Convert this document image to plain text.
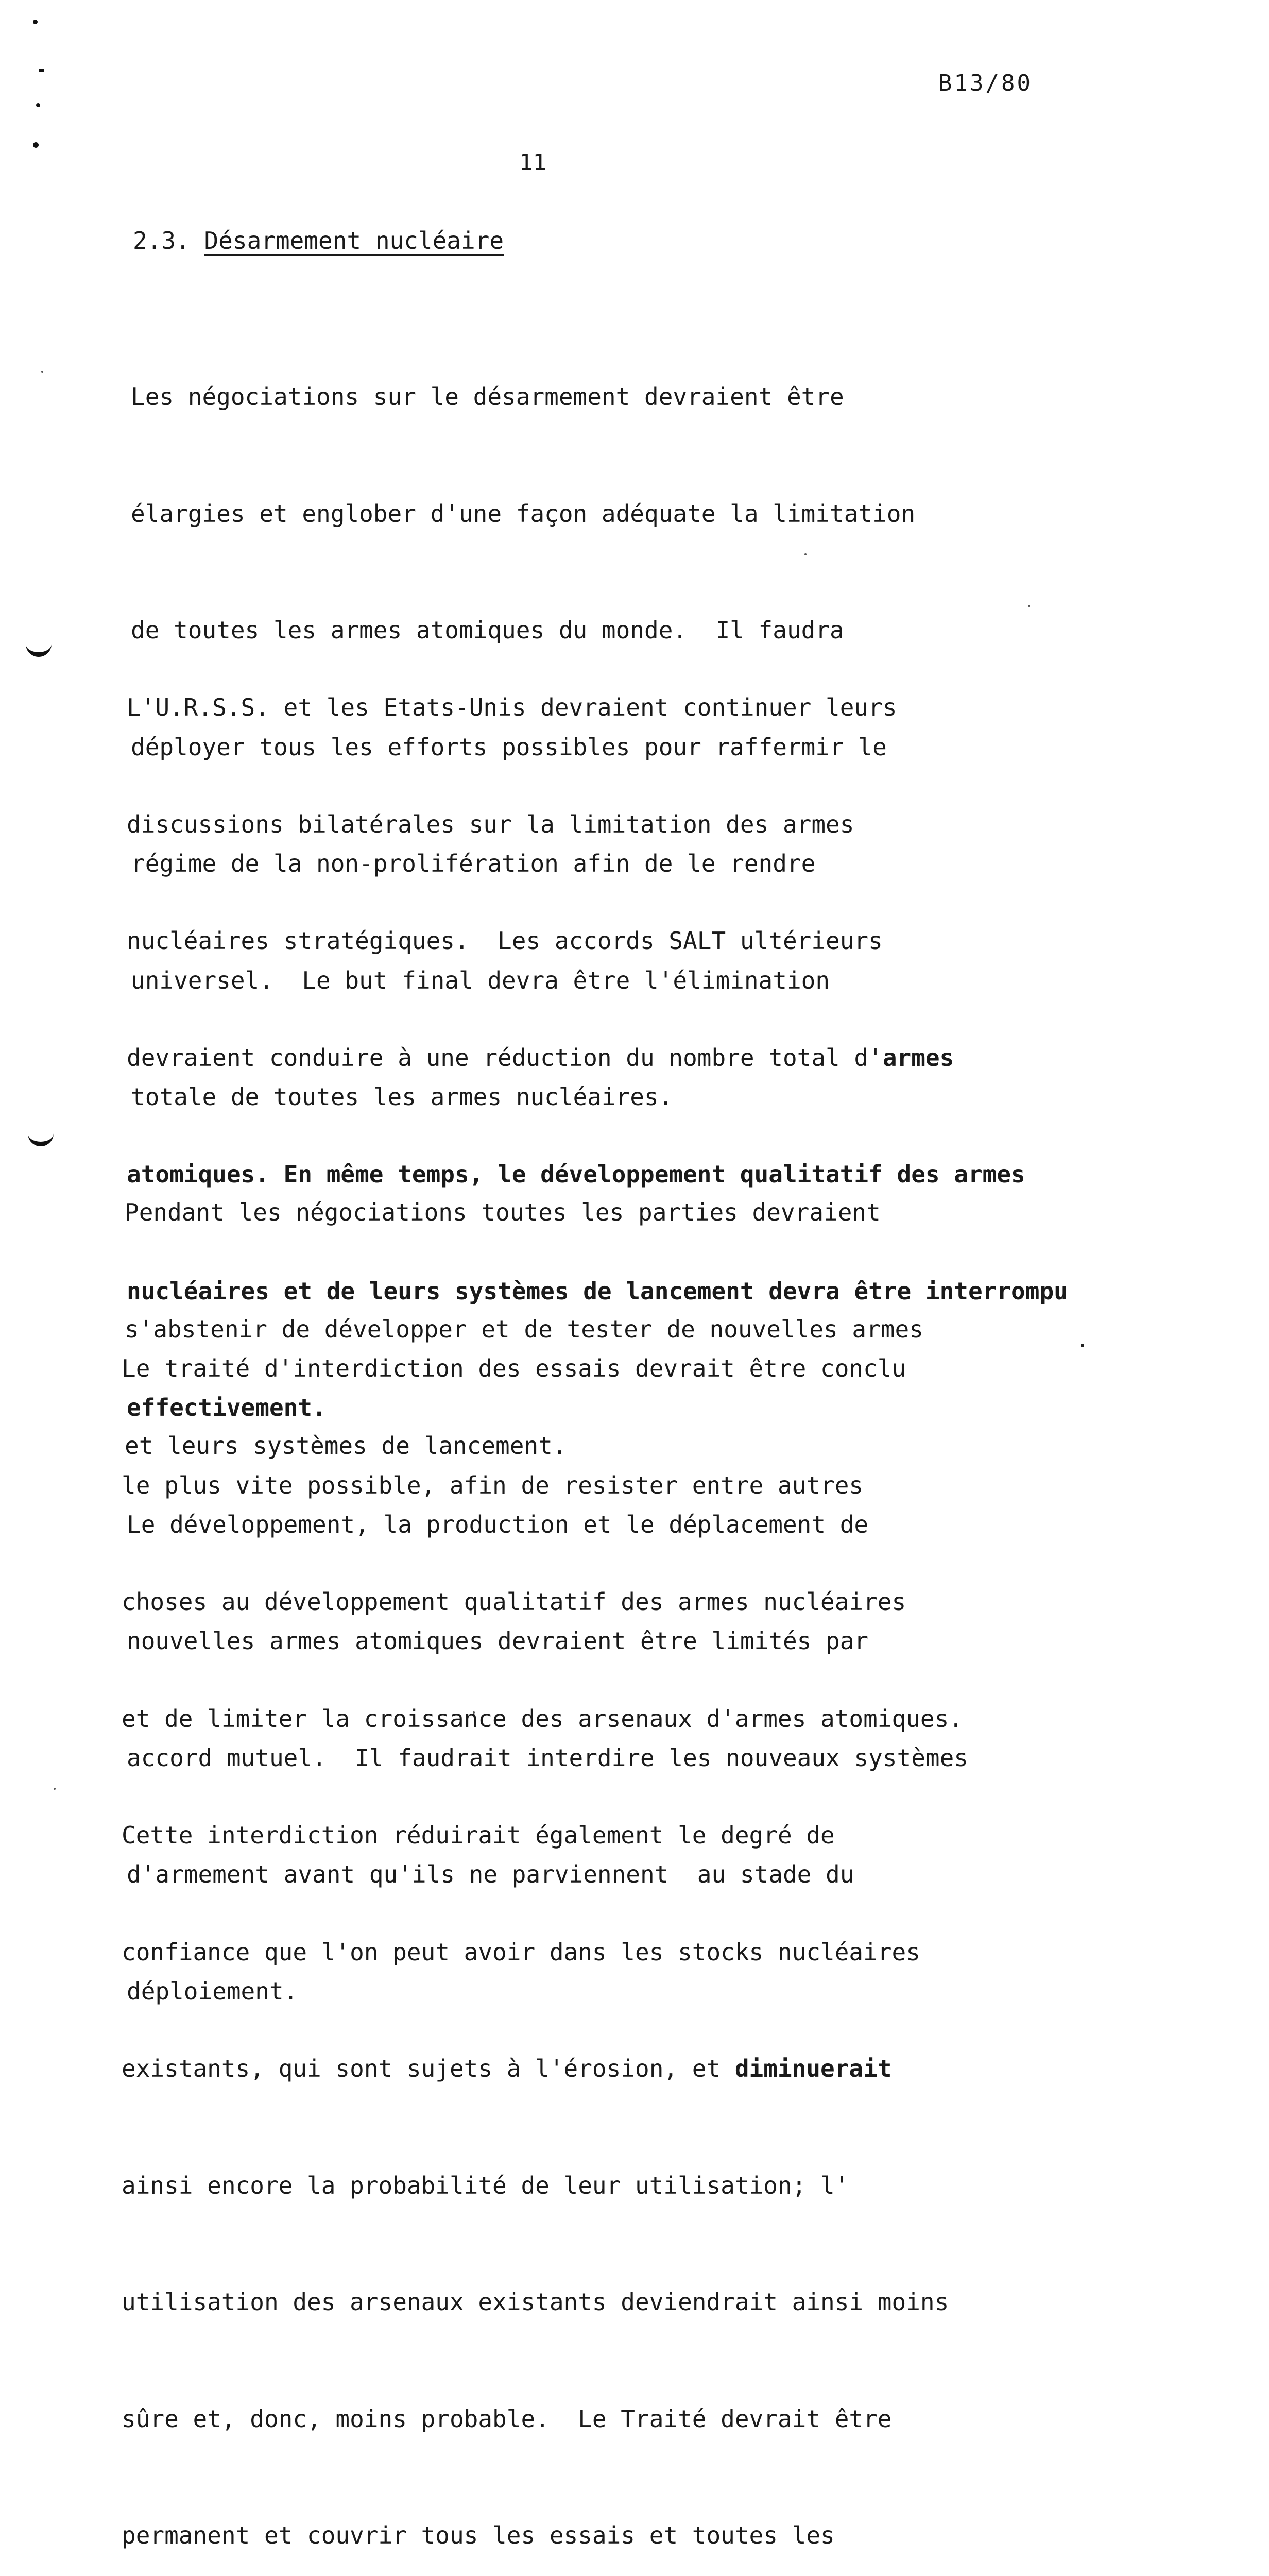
B13/80
11
2.3. Désarmement nucléaire

Les négociations sur le désarmement devraient être

élargies et englober d'une façon adéquate la limitation

de toutes les armes atomiques du monde.  Il faudra

déployer tous les efforts possibles pour raffermir le

régime de la non-prolifération afin de le rendre

universel.  Le but final devra être l'élimination

totale de toutes les armes nucléaires.

L'U.R.S.S. et les Etats-Unis devraient continuer leurs

discussions bilatérales sur la limitation des armes

nucléaires stratégiques.  Les accords SALT ultérieurs

devraient conduire à une réduction du nombre total d'armes

atomiques. En même temps, le développement qualitatif des armes

nucléaires et de leurs systèmes de lancement devra être interrompu

effectivement.

Le développement, la production et le déplacement de

nouvelles armes atomiques devraient être limités par

accord mutuel.  Il faudrait interdire les nouveaux systèmes

d'armement avant qu'ils ne parviennent  au stade du

déploiement.

Pendant les négociations toutes les parties devraient

s'abstenir de développer et de tester de nouvelles armes

et leurs systèmes de lancement.

Le traité d'interdiction des essais devrait être conclu

le plus vite possible, afin de resister entre autres

choses au développement qualitatif des armes nucléaires

et de limiter la croissance des arsenaux d'armes atomiques.

Cette interdiction réduirait également le degré de

confiance que l'on peut avoir dans les stocks nucléaires

existants, qui sont sujets à l'érosion, et diminuerait

ainsi encore la probabilité de leur utilisation; l'

utilisation des arsenaux existants deviendrait ainsi moins

sûre et, donc, moins probable.  Le Traité devrait être

permanent et couvrir tous les essais et toutes les
